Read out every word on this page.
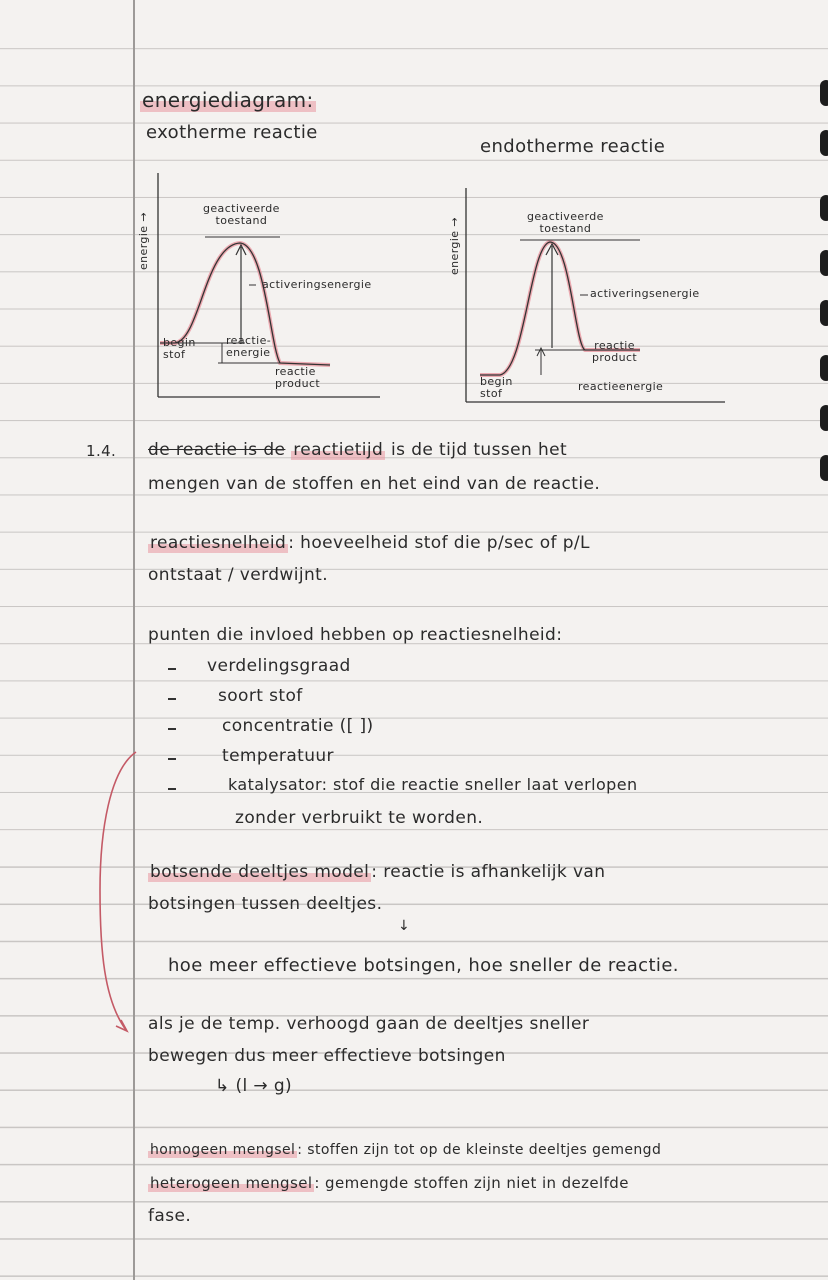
energiediagram:
exotherme reactie
endotherme reactie
energie →
geactiveerde
toestand
activeringsenergie
begin
stof
reactie-
energie
reactie
product
energie →
geactiveerde
toestand
activeringsenergie
reactie
product
begin
stof
reactieenergie
1.4. de reactie is de reactietijd is de tijd tussen het
mengen van de stoffen en het eind van de reactie.
reactiesnelheid : hoeveelheid stof die p/sec of p/L
ontstaat / verdwijnt.
punten die invloed hebben op reactiesnelheid:
verdelingsgraad
soort stof
concentratie ([ ])
temperatuur
katalysator: stof die reactie sneller laat verlopen
zonder verbruikt te worden.
botsende deeltjes model : reactie is afhankelijk van
botsingen tussen deeltjes.
↓
hoe meer effectieve botsingen, hoe sneller de reactie.
als je de temp. verhoogd gaan de deeltjes sneller
bewegen dus meer effectieve botsingen
↳ (l → g)
homogeen mengsel : stoffen zijn tot op de kleinste deeltjes gemengd
heterogeen mengsel : gemengde stoffen zijn niet in dezelfde
fase.
